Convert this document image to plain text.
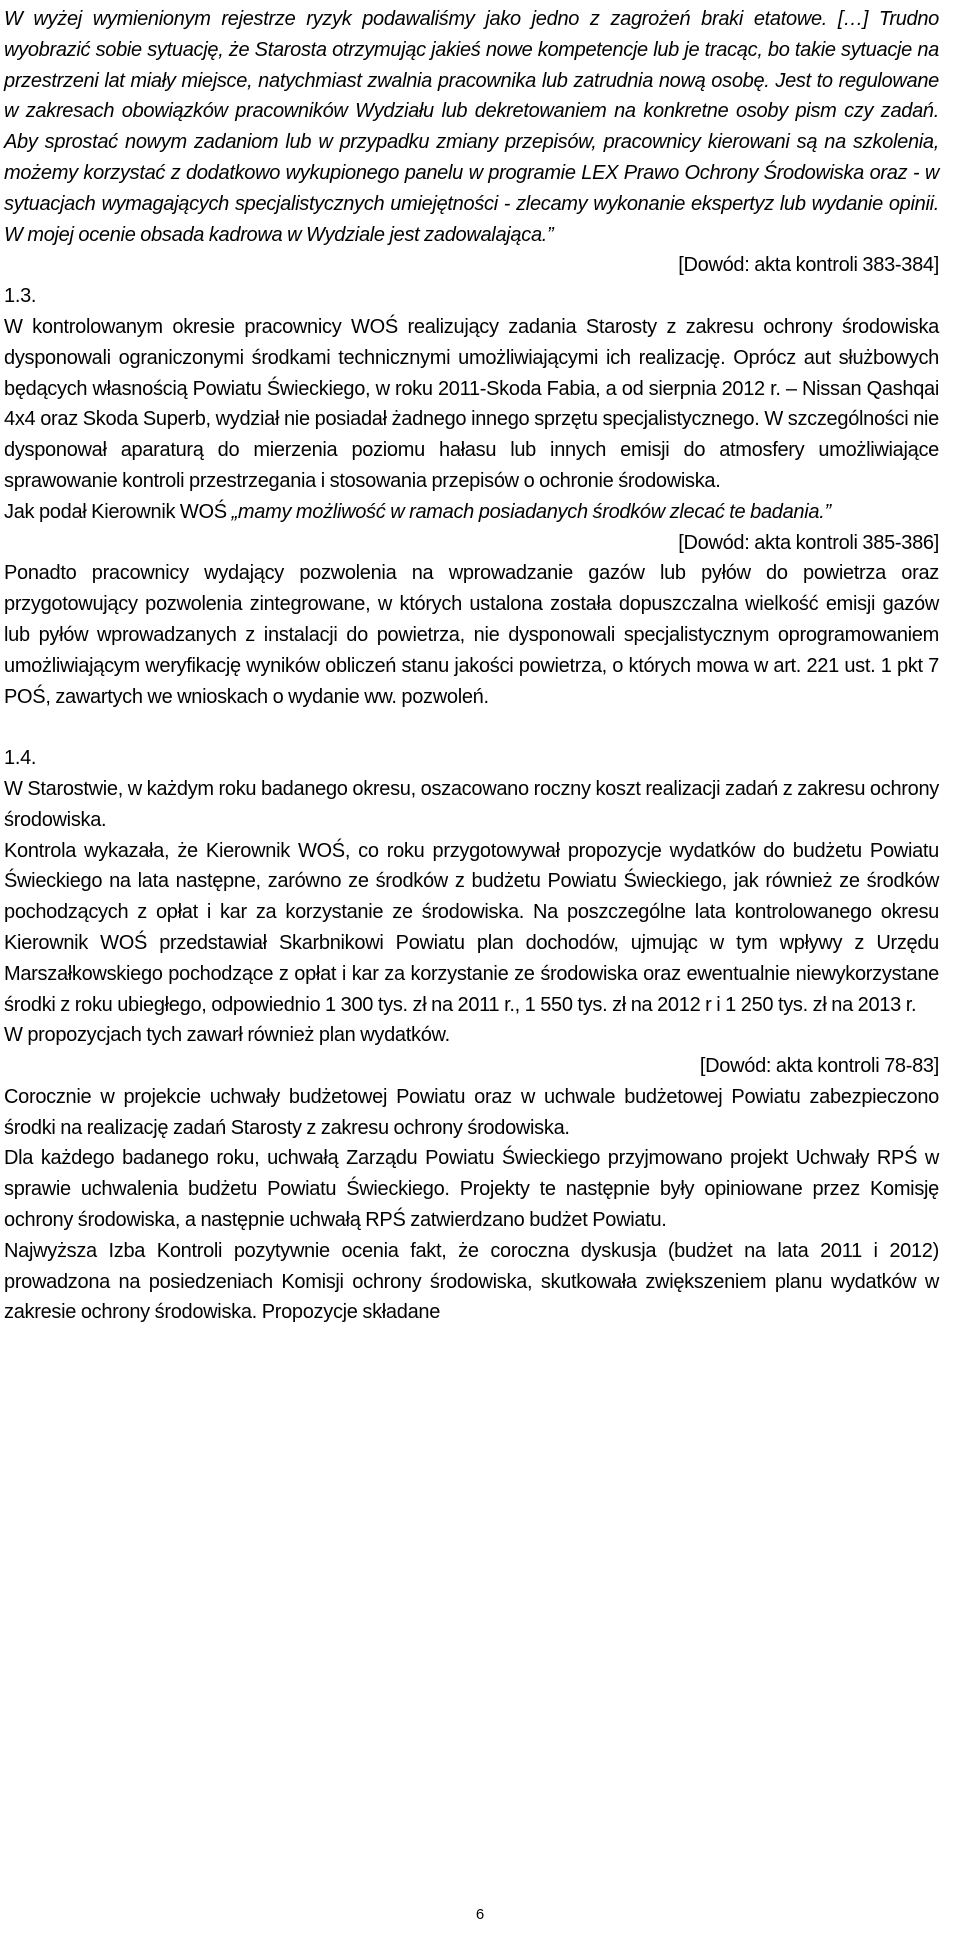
W wyżej wymienionym rejestrze ryzyk podawaliśmy jako jedno z zagrożeń braki etatowe. […] Trudno wyobrazić sobie sytuację, że Starosta otrzymując jakieś nowe kompetencje lub je tracąc, bo takie sytuacje na przestrzeni lat miały miejsce, natychmiast zwalnia pracownika lub zatrudnia nową osobę. Jest to regulowane w zakresach obowiązków pracowników Wydziału lub dekretowaniem na konkretne osoby pism czy zadań. Aby sprostać nowym zadaniom lub w przypadku zmiany przepisów, pracownicy kierowani są na szkolenia, możemy korzystać z dodatkowo wykupionego panelu w programie LEX Prawo Ochrony Środowiska oraz - w sytuacjach wymagających specjalistycznych umiejętności - zlecamy wykonanie ekspertyz lub wydanie opinii. W mojej ocenie obsada kadrowa w Wydziale jest zadowalająca.”

[Dowód: akta kontroli 383-384]

1.3.

W kontrolowanym okresie pracownicy WOŚ realizujący zadania Starosty z zakresu ochrony środowiska dysponowali ograniczonymi środkami technicznymi umożliwiającymi ich realizację. Oprócz aut służbowych będących własnością Powiatu Świeckiego, w roku 2011-Skoda Fabia, a od sierpnia 2012 r. – Nissan Qashqai 4x4 oraz Skoda Superb, wydział nie posiadał żadnego innego sprzętu specjalistycznego. W szczególności nie dysponował aparaturą do mierzenia poziomu hałasu lub innych emisji do atmosfery umożliwiające sprawowanie kontroli przestrzegania i stosowania przepisów o ochronie środowiska.

Jak podał Kierownik WOŚ „mamy możliwość w ramach posiadanych środków zlecać te badania.”

[Dowód: akta kontroli 385-386]

Ponadto pracownicy wydający pozwolenia na wprowadzanie gazów lub pyłów do powietrza oraz przygotowujący pozwolenia zintegrowane, w których ustalona została dopuszczalna wielkość emisji gazów lub pyłów wprowadzanych z instalacji do powietrza, nie dysponowali specjalistycznym oprogramowaniem umożliwiającym weryfikację wyników obliczeń stanu jakości powietrza, o których mowa w art. 221 ust. 1 pkt 7 POŚ, zawartych we wnioskach o wydanie ww. pozwoleń.

1.4.

W Starostwie, w każdym roku badanego okresu, oszacowano roczny koszt realizacji zadań z zakresu ochrony środowiska.

Kontrola wykazała, że Kierownik WOŚ, co roku przygotowywał propozycje wydatków do budżetu Powiatu Świeckiego na lata następne, zarówno ze środków z budżetu Powiatu Świeckiego, jak również ze środków pochodzących z opłat i kar za korzystanie ze środowiska. Na poszczególne lata kontrolowanego okresu Kierownik WOŚ przedstawiał Skarbnikowi Powiatu plan dochodów, ujmując w tym wpływy z Urzędu Marszałkowskiego pochodzące z opłat i kar za korzystanie ze środowiska oraz ewentualnie niewykorzystane środki z roku ubiegłego, odpowiednio 1 300 tys. zł na 2011 r., 1 550 tys. zł na 2012 r i 1 250 tys. zł na 2013 r.

W propozycjach tych zawarł również plan wydatków.

[Dowód: akta kontroli 78-83]

Corocznie w projekcie uchwały budżetowej Powiatu oraz w uchwale budżetowej Powiatu zabezpieczono środki na realizację zadań Starosty z zakresu ochrony środowiska.

Dla każdego badanego roku, uchwałą Zarządu Powiatu Świeckiego przyjmowano projekt Uchwały RPŚ w sprawie uchwalenia budżetu Powiatu Świeckiego. Projekty te następnie były opiniowane przez Komisję ochrony środowiska, a następnie uchwałą RPŚ zatwierdzano budżet Powiatu.

Najwyższa Izba Kontroli pozytywnie ocenia fakt, że coroczna dyskusja (budżet na lata 2011 i 2012) prowadzona na posiedzeniach Komisji ochrony środowiska, skutkowała zwiększeniem planu wydatków w zakresie ochrony środowiska. Propozycje składane

6
